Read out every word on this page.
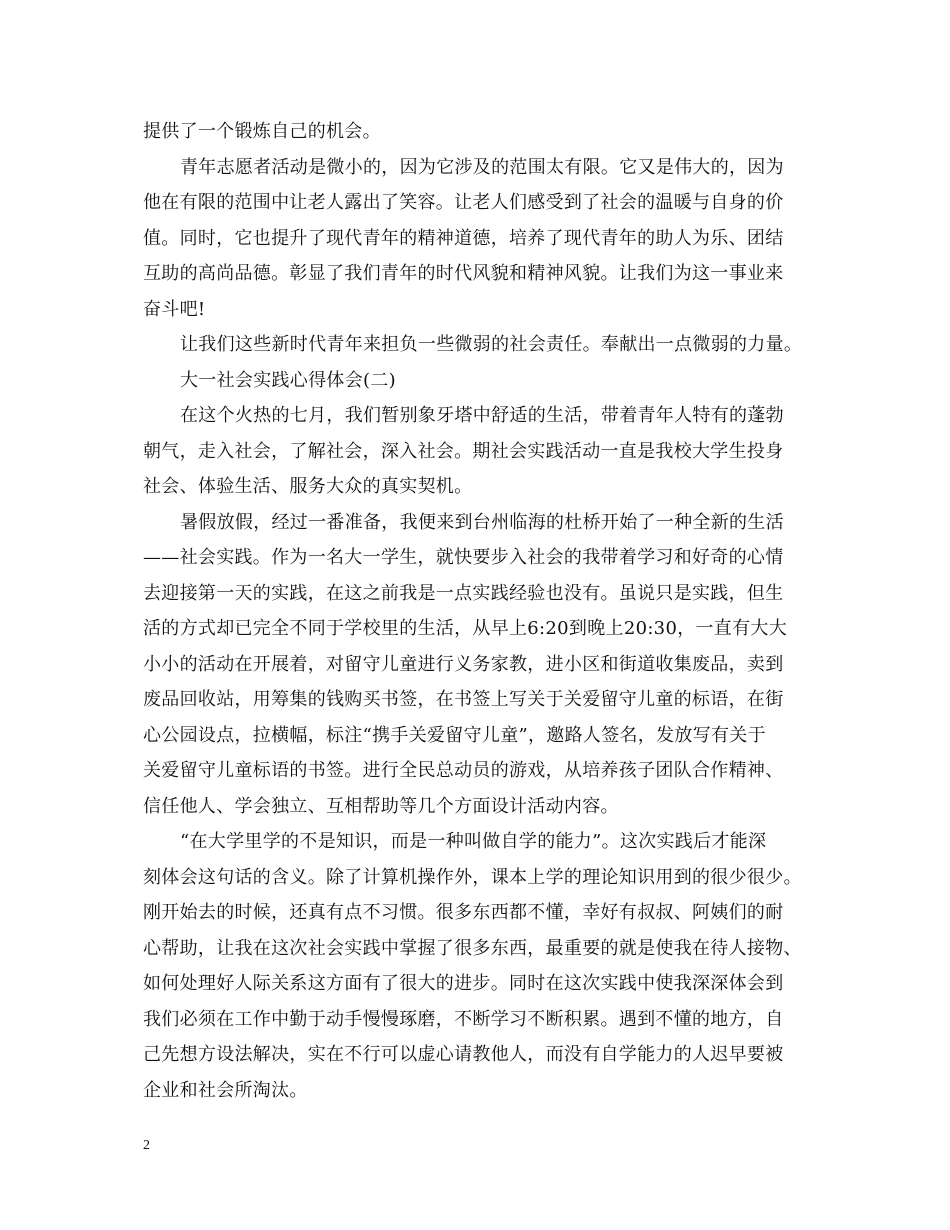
提供了一个锻炼自己的机会。
青年志愿者活动是微小的，因为它涉及的范围太有限。它又是伟大的，因为
他在有限的范围中让老人露出了笑容。让老人们感受到了社会的温暖与自身的价
值。同时，它也提升了现代青年的精神道德，培养了现代青年的助人为乐、团结
互助的高尚品德。彰显了我们青年的时代风貌和精神风貌。让我们为这一事业来
奋斗吧!
让我们这些新时代青年来担负一些微弱的社会责任。奉献出一点微弱的力量。
大一社会实践心得体会(二)
在这个火热的七月，我们暂别象牙塔中舒适的生活，带着青年人特有的蓬勃
朝气，走入社会，了解社会，深入社会。期社会实践活动一直是我校大学生投身
社会、体验生活、服务大众的真实契机。
暑假放假，经过一番准备，我便来到台州临海的杜桥开始了一种全新的生活
——社会实践。作为一名大一学生，就快要步入社会的我带着学习和好奇的心情
去迎接第一天的实践，在这之前我是一点实践经验也没有。虽说只是实践，但生
活的方式却已完全不同于学校里的生活，从早上6:20到晚上20:30，一直有大大
小小的活动在开展着，对留守儿童进行义务家教，进小区和街道收集废品，卖到
废品回收站，用筹集的钱购买书签，在书签上写关于关爱留守儿童的标语，在街
心公园设点，拉横幅，标注“携手关爱留守儿童”，邀路人签名，发放写有关于
关爱留守儿童标语的书签。进行全民总动员的游戏，从培养孩子团队合作精神、
信任他人、学会独立、互相帮助等几个方面设计活动内容。
“在大学里学的不是知识，而是一种叫做自学的能力”。这次实践后才能深
刻体会这句话的含义。除了计算机操作外，课本上学的理论知识用到的很少很少。
刚开始去的时候，还真有点不习惯。很多东西都不懂，幸好有叔叔、阿姨们的耐
心帮助，让我在这次社会实践中掌握了很多东西，最重要的就是使我在待人接物、
如何处理好人际关系这方面有了很大的进步。同时在这次实践中使我深深体会到
我们必须在工作中勤于动手慢慢琢磨，不断学习不断积累。遇到不懂的地方，自
己先想方设法解决，实在不行可以虚心请教他人，而没有自学能力的人迟早要被
企业和社会所淘汰。
2
